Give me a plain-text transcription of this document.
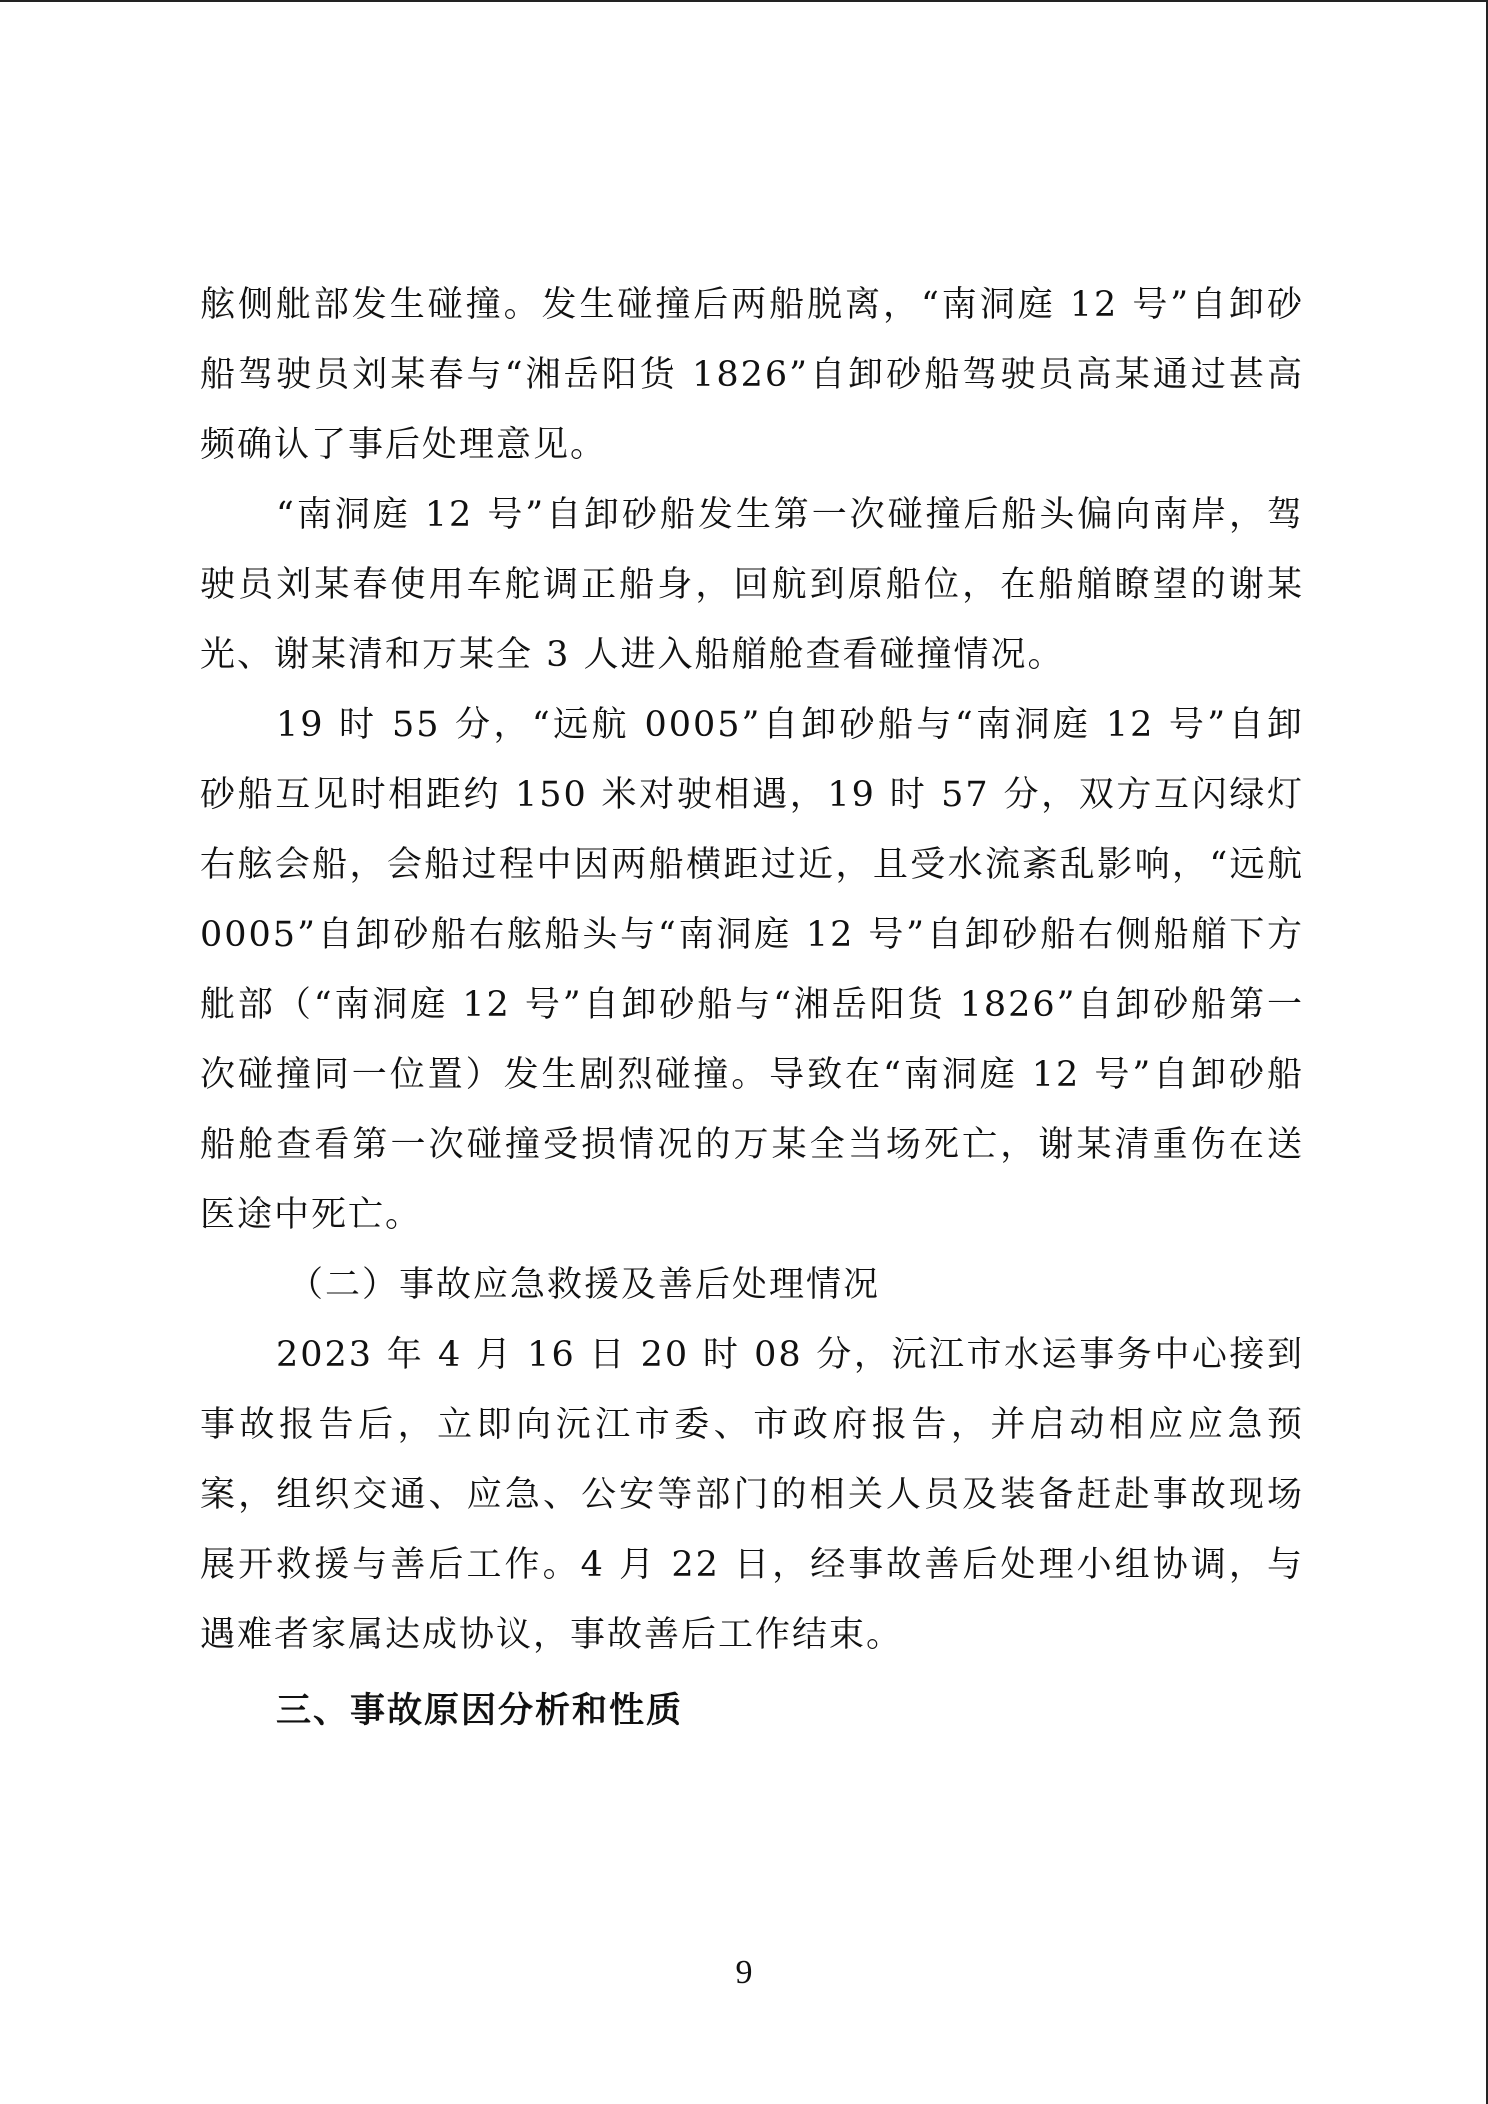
舷侧舭部发生碰撞。发生碰撞后两船脱离，“南洞庭 12 号”自卸砂船驾驶员刘某春与“湘岳阳货 1826”自卸砂船驾驶员高某通过甚高频确认了事后处理意见。

“南洞庭 12 号”自卸砂船发生第一次碰撞后船头偏向南岸，驾驶员刘某春使用车舵调正船身，回航到原船位，在船艏瞭望的谢某光、谢某清和万某全 3 人进入船艏舱查看碰撞情况。

19 时 55 分，“远航 0005”自卸砂船与“南洞庭 12 号”自卸砂船互见时相距约 150 米对驶相遇，19 时 57 分，双方互闪绿灯右舷会船，会船过程中因两船横距过近，且受水流紊乱影响，“远航 0005”自卸砂船右舷船头与“南洞庭 12 号”自卸砂船右侧船艏下方舭部（“南洞庭 12 号”自卸砂船与“湘岳阳货 1826”自卸砂船第一次碰撞同一位置）发生剧烈碰撞。导致在“南洞庭 12 号”自卸砂船船舱查看第一次碰撞受损情况的万某全当场死亡，谢某清重伤在送医途中死亡。

（二）事故应急救援及善后处理情况

2023 年 4 月 16 日 20 时 08 分，沅江市水运事务中心接到事故报告后，立即向沅江市委、市政府报告，并启动相应应急预案，组织交通、应急、公安等部门的相关人员及装备赶赴事故现场展开救援与善后工作。4 月 22 日，经事故善后处理小组协调，与遇难者家属达成协议，事故善后工作结束。

三、事故原因分析和性质

9
